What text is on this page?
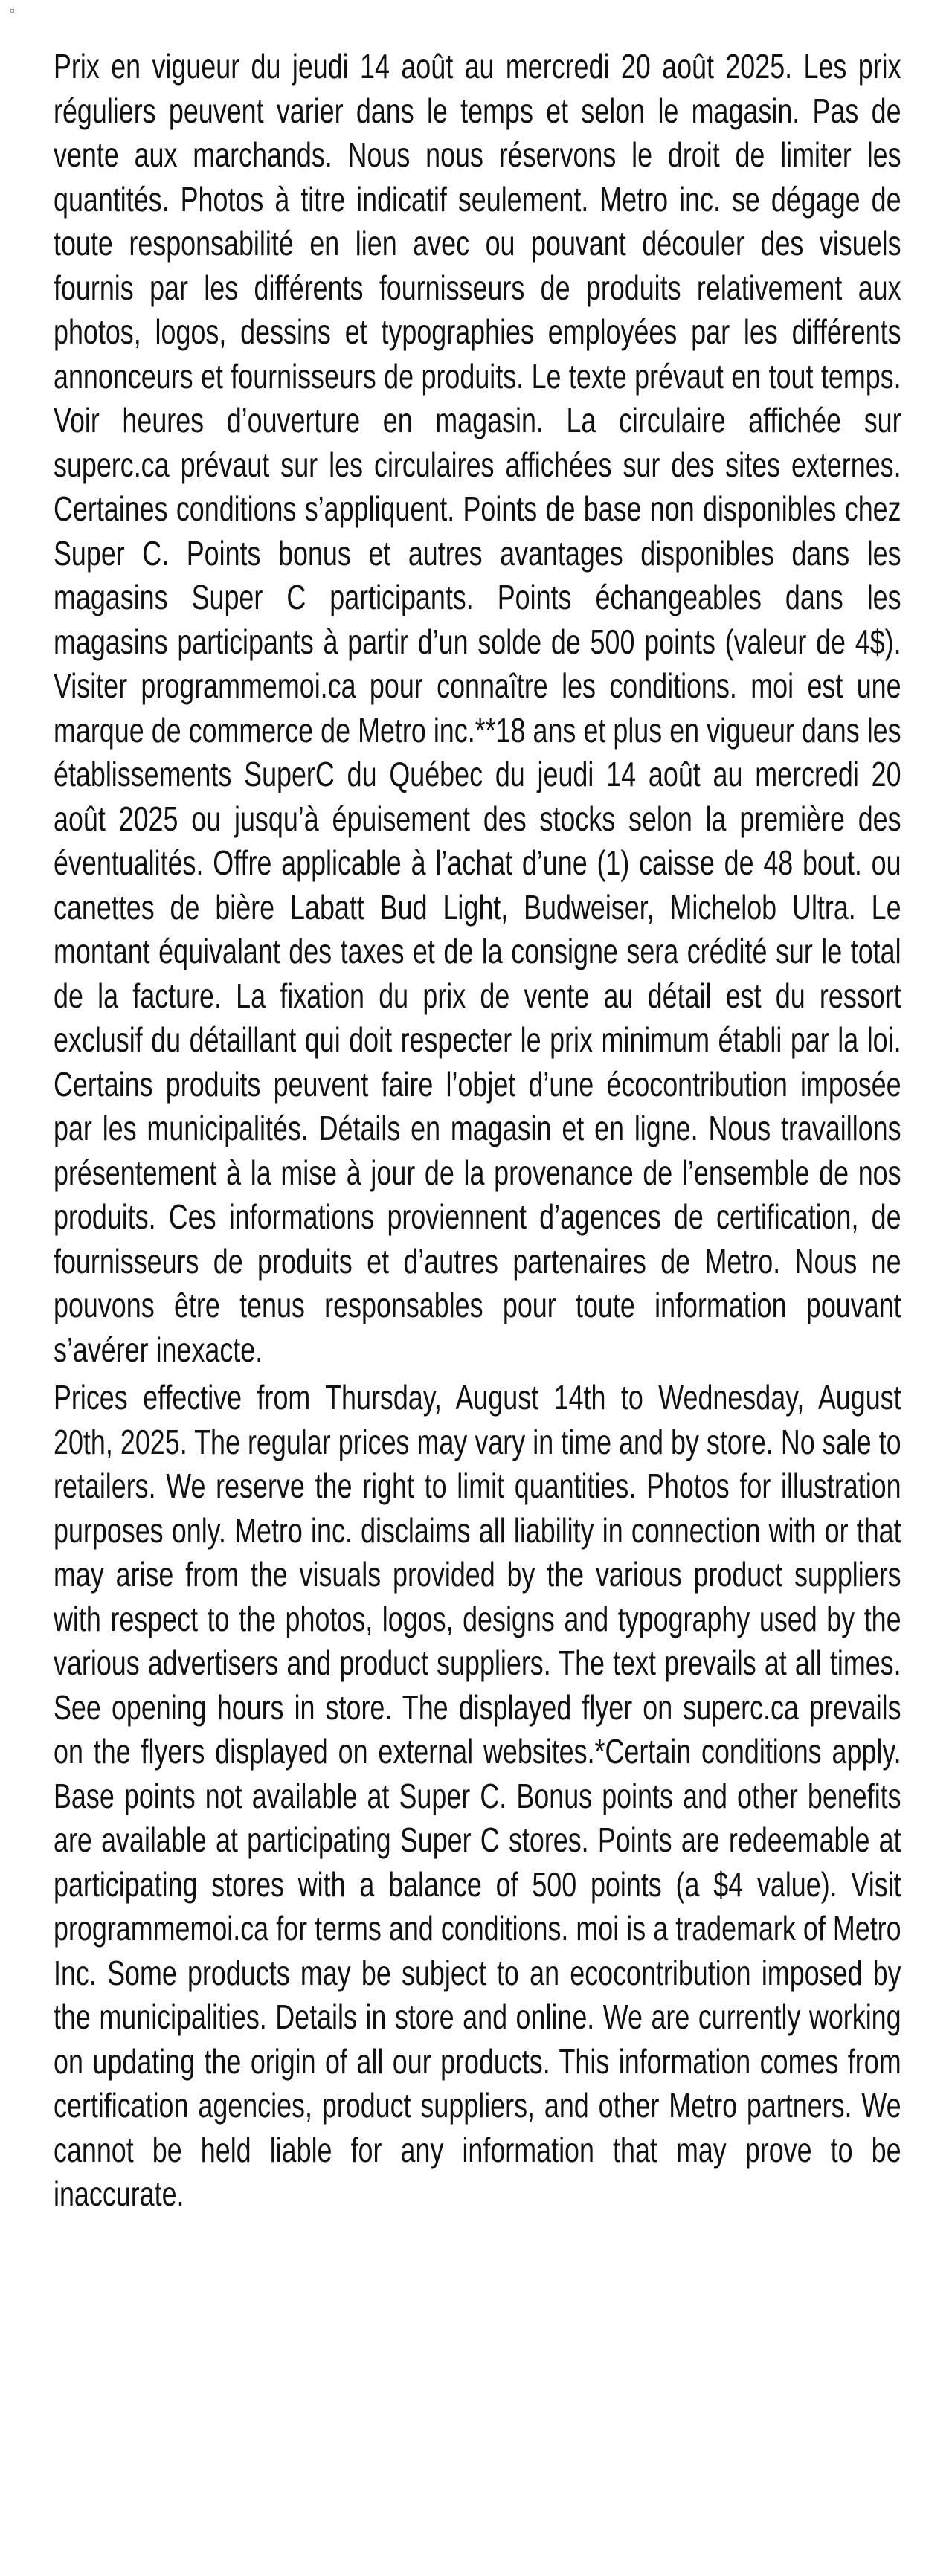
Prix en vigueur du jeudi 14 août au mercredi 20 août 2025. Les prix réguliers peuvent varier dans le temps et selon le magasin. Pas de vente aux marchands. Nous nous réservons le droit de limiter les quantités. Photos à titre indicatif seulement. Metro inc. se dégage de toute responsabilité en lien avec ou pouvant découler des visuels fournis par les différents fournisseurs de produits relativement aux photos, logos, dessins et typographies employées par les différents annonceurs et fournisseurs de produits. Le texte prévaut en tout temps. Voir heures d’ouverture en magasin. La circulaire affichée sur superc.ca prévaut sur les circulaires affichées sur des sites externes. Certaines conditions s’appliquent. Points de base non disponibles chez Super C. Points bonus et autres avantages disponibles dans les magasins Super C participants. Points échangeables dans les magasins participants à partir d’un solde de 500 points (valeur de 4$). Visiter programmemoi.ca pour connaître les conditions. moi est une marque de commerce de Metro inc.**18 ans et plus en vigueur dans les établissements SuperC du Québec du jeudi 14 août au mercredi 20 août 2025 ou jusqu’à épuisement des stocks selon la première des éventualités. Offre applicable à l’achat d’une (1) caisse de 48 bout. ou canettes de bière Labatt Bud Light, Budweiser, Michelob Ultra. Le montant équivalant des taxes et de la consigne sera crédité sur le total de la facture. La fixation du prix de vente au détail est du ressort exclusif du détaillant qui doit respecter le prix minimum établi par la loi. Certains produits peuvent faire l’objet d’une écocontribution imposée par les municipalités. Détails en magasin et en ligne. Nous travaillons présentement à la mise à jour de la provenance de l’ensemble de nos produits. Ces informations proviennent d’agences de certification, de fournisseurs de produits et d’autres partenaires de Metro. Nous ne pouvons être tenus responsables pour toute information pouvant s’avérer inexacte.
Prices effective from Thursday, August 14th to Wednesday, August 20th, 2025. The regular prices may vary in time and by store. No sale to retailers. We reserve the right to limit quantities. Photos for illustration purposes only. Metro inc. disclaims all liability in connection with or that may arise from the visuals provided by the various product suppliers with respect to the photos, logos, designs and typography used by the various advertisers and product suppliers. The text prevails at all times. See opening hours in store. The displayed flyer on superc.ca prevails on the flyers displayed on external websites.*Certain conditions apply. Base points not available at Super C. Bonus points and other benefits are available at participating Super C stores. Points are redeemable at participating stores with a balance of 500 points (a $4 value). Visit programmemoi.ca for terms and conditions. moi is a trademark of Metro Inc. Some products may be subject to an ecocontribution imposed by the municipalities. Details in store and online. We are currently working on updating the origin of all our products. This information comes from certification agencies, product suppliers, and other Metro partners. We cannot be held liable for any information that may prove to be inaccurate.
